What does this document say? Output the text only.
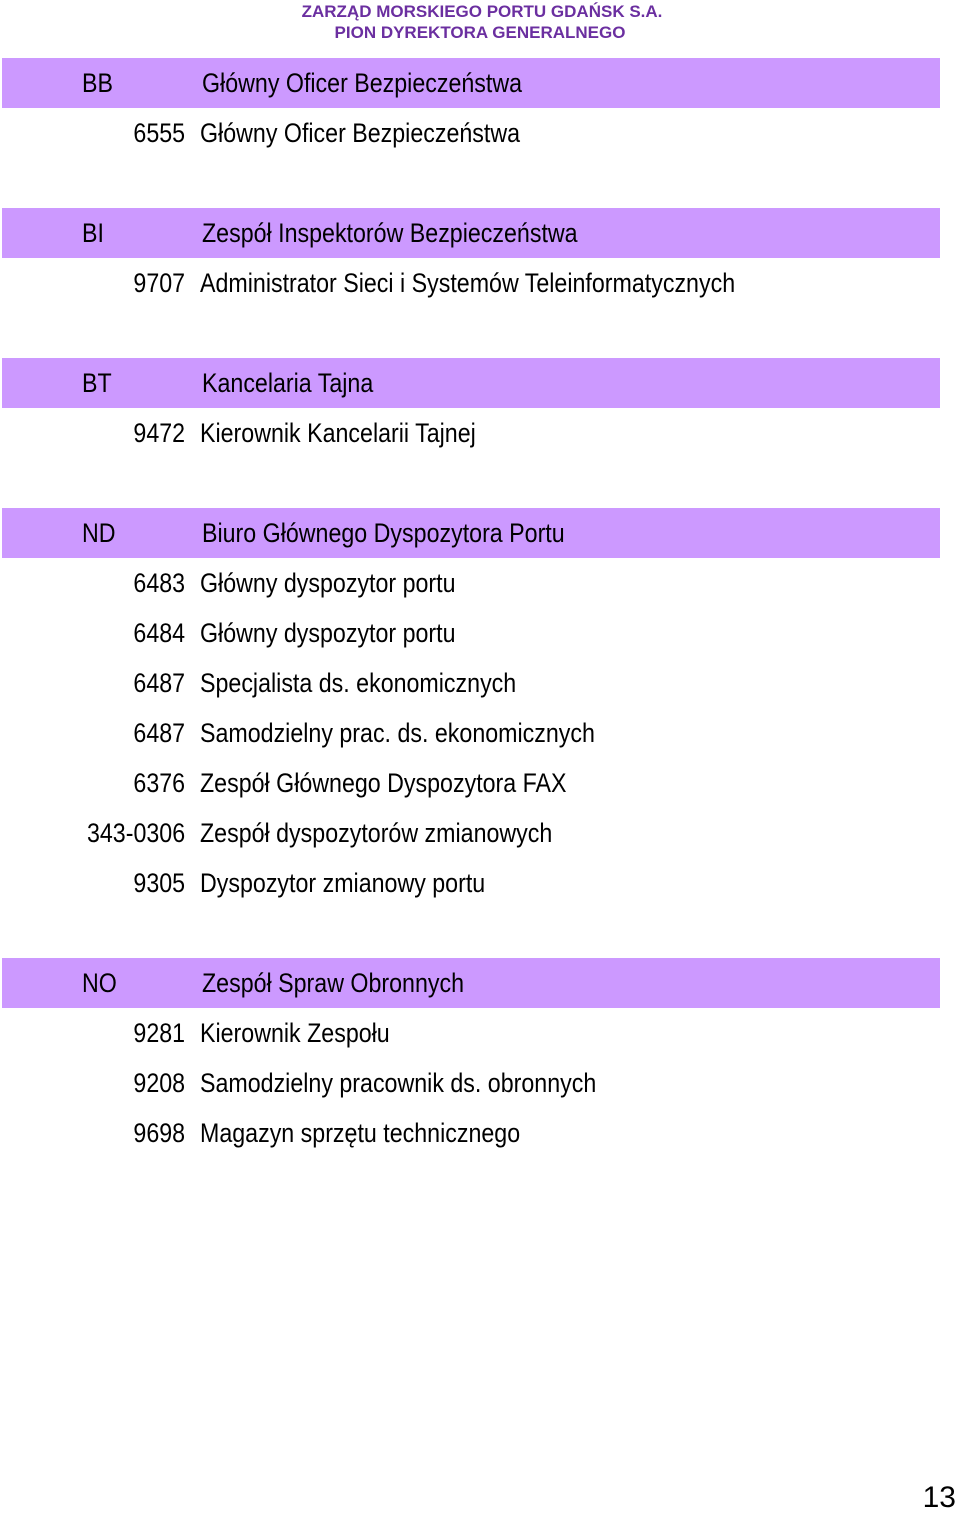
ZARZĄD MORSKIEGO PORTU GDAŃSK S.A.
PION DYREKTORA GENERALNEGO
BB	Główny Oficer Bezpieczeństwa
6555 Główny Oficer Bezpieczeństwa
BI	Zespół Inspektorów Bezpieczeństwa
9707 Administrator Sieci i Systemów Teleinformatycznych
BT	Kancelaria Tajna
9472 Kierownik Kancelarii Tajnej
ND	Biuro Głównego Dyspozytora Portu
6483 Główny dyspozytor portu
6484 Główny dyspozytor portu
6487 Specjalista ds. ekonomicznych
6487 Samodzielny prac. ds. ekonomicznych
6376 Zespół Głównego Dyspozytora FAX
343-0306 Zespół dyspozytorów zmianowych
9305 Dyspozytor zmianowy portu
NO	Zespół Spraw Obronnych
9281 Kierownik Zespołu
9208 Samodzielny pracownik ds. obronnych
9698 Magazyn sprzętu technicznego
13
